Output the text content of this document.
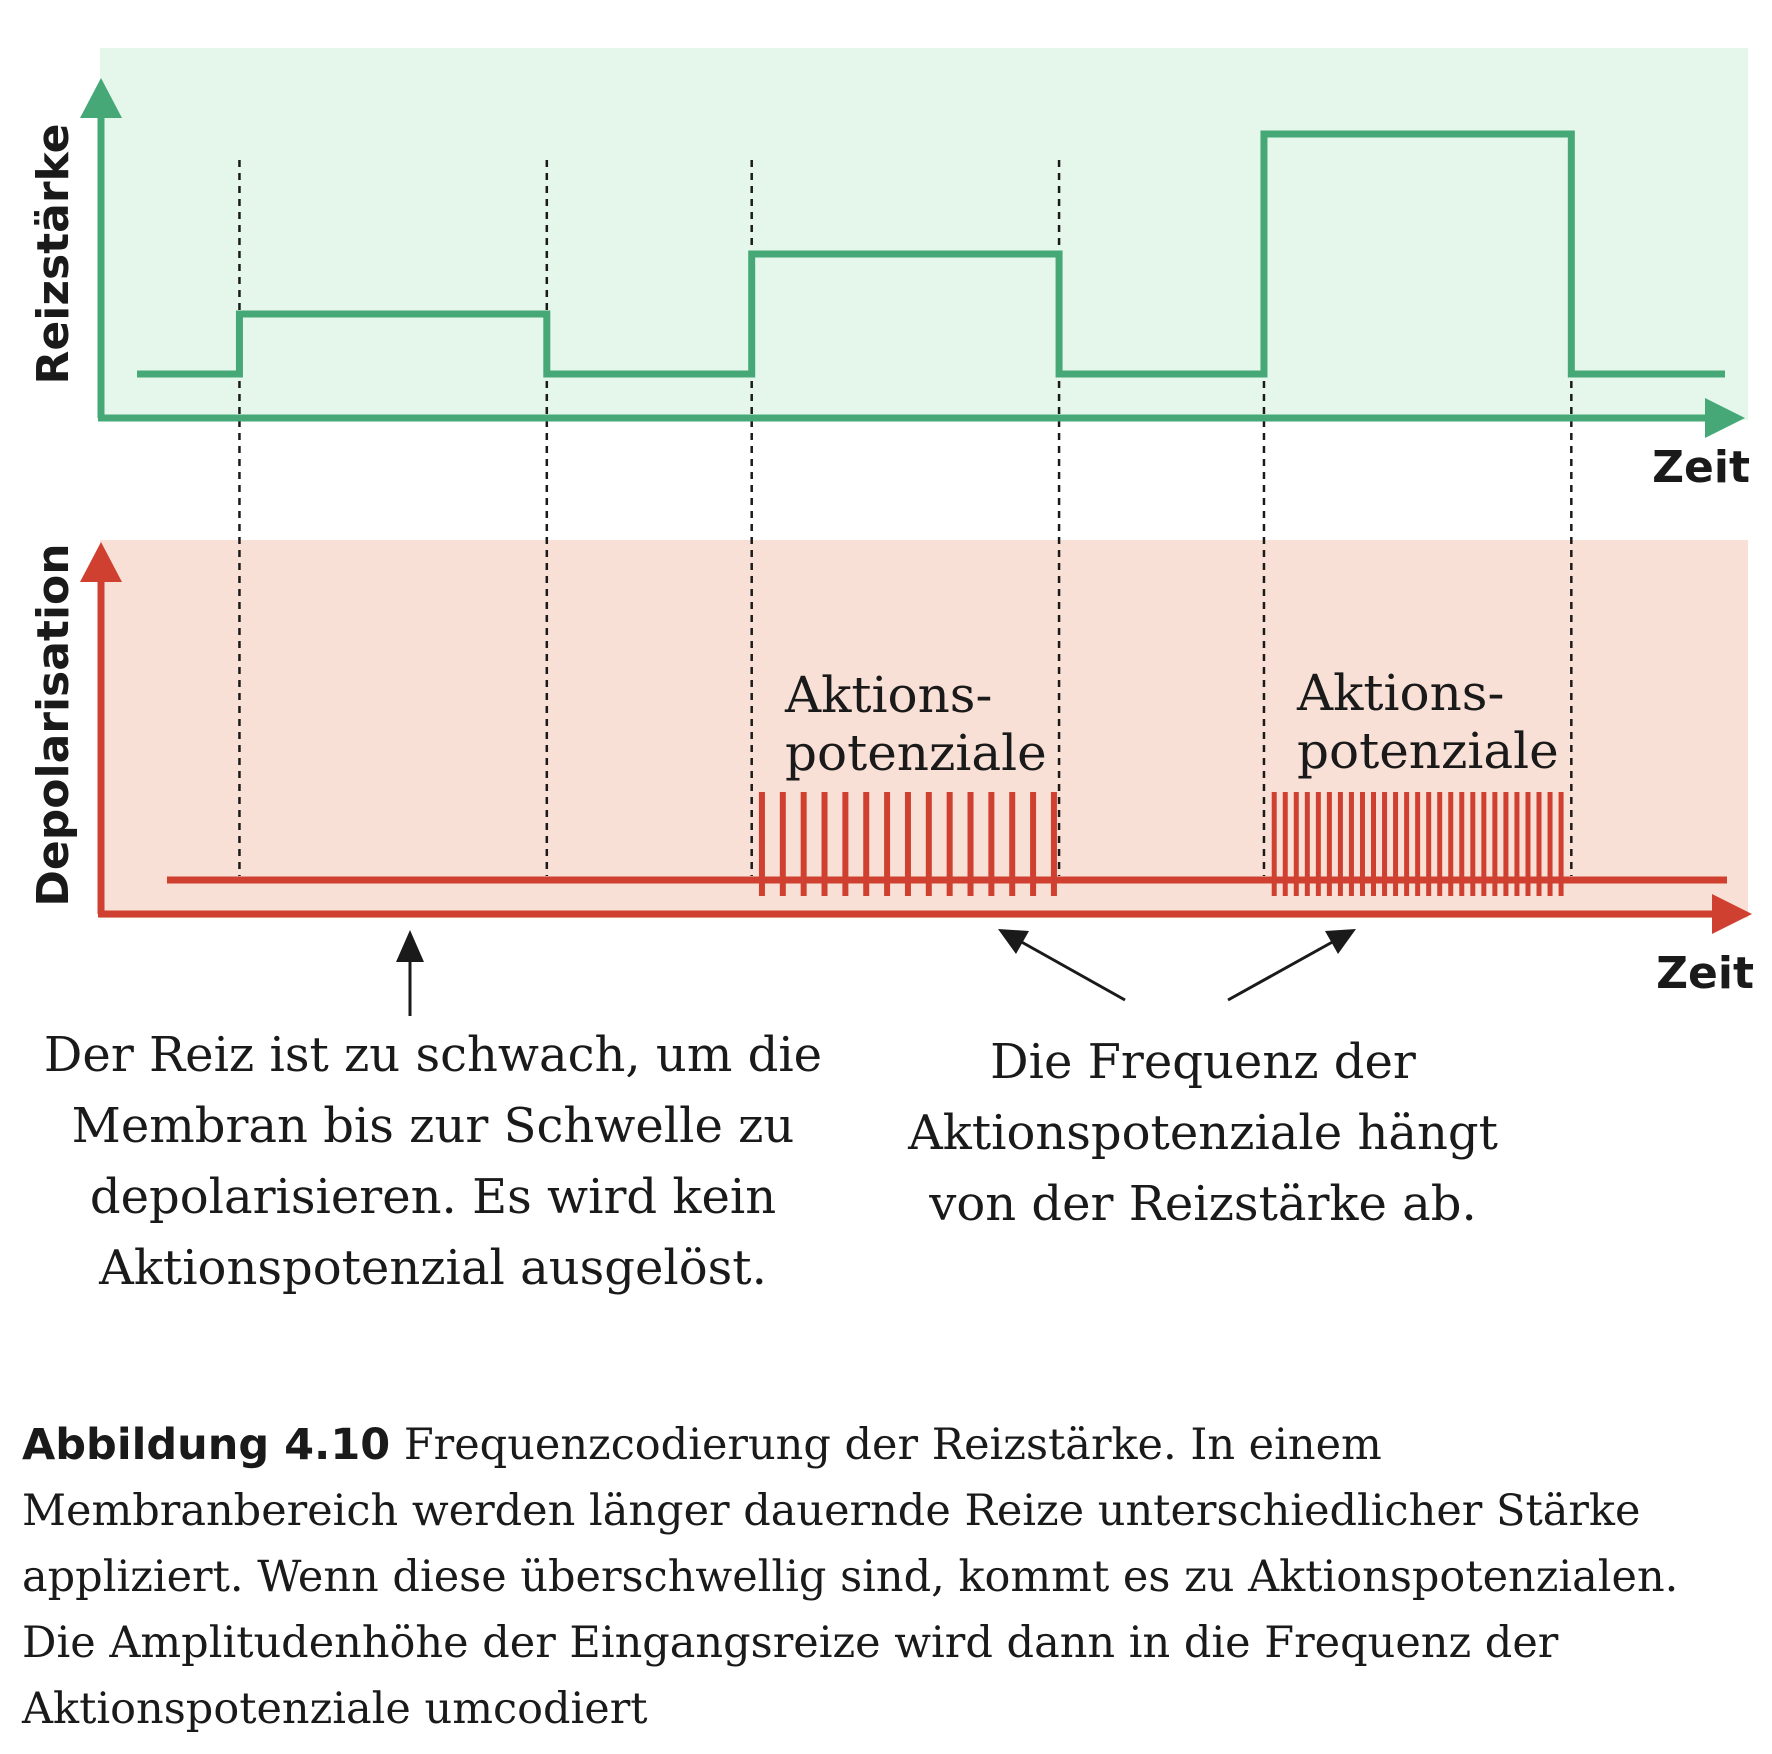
Reizstärke
Zeit
Depolarisation
Zeit
Aktions-
potenziale
Aktions-
potenziale
Der Reiz ist zu schwach, um die
Membran bis zur Schwelle zu
depolarisieren. Es wird kein
Aktionspotenzial ausgelöst.
Die Frequenz der
Aktionspotenziale hängt
von der Reizstärke ab.

Abbildung 4.10 Frequenzcodierung der Reizstärke. In einem Membranbereich werden länger dauernde Reize unterschiedlicher Stärke appliziert. Wenn diese überschwellig sind, kommt es zu Aktionspotenzialen. Die Amplitudenhöhe der Eingangsreize wird dann in die Frequenz der Aktionspotenziale umcodiert
